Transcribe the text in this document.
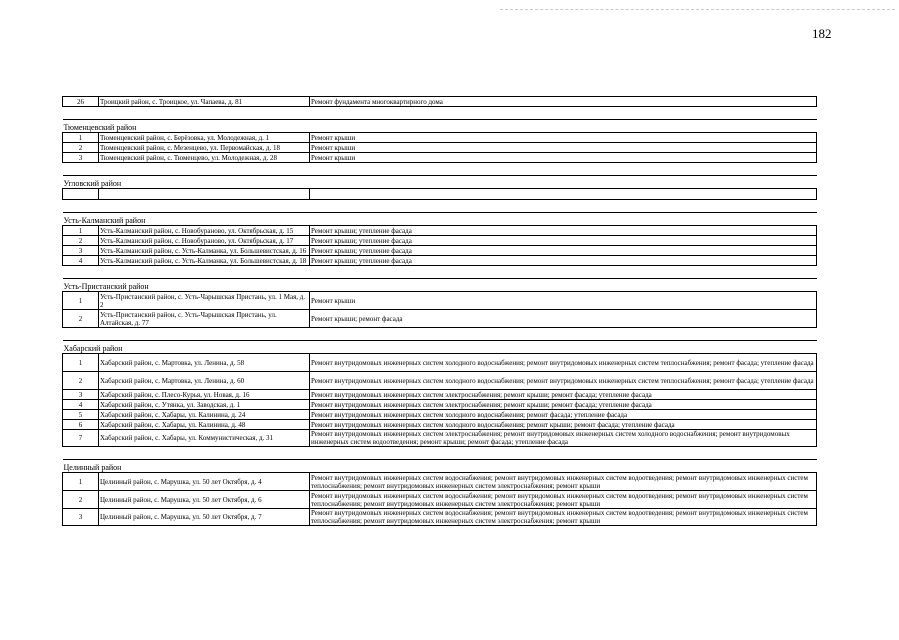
182
26	Троицкий район, с. Троицкое, ул. Чапаева, д. 81	Ремонт фундамента многоквартирного дома

Тюменцевский район		
1	Тюменцевский район, с. Берёзовка, ул. Молодежная, д. 1	Ремонт крыши
2	Тюменцевский район, с. Мезенцево, ул. Первомайская, д. 18	Ремонт крыши
3	Тюменцевский район, с. Тюменцево, ул. Молодежная, д. 28	Ремонт крыши

Угловский район		

Усть-Калманский район		
1	Усть-Калманский район, с. Новобураново, ул. Октябрьская, д. 15	Ремонт крыши; утепление фасада
2	Усть-Калманский район, с. Новобураново, ул. Октябрьская, д. 17	Ремонт крыши; утепление фасада
3	Усть-Калманский район, с. Усть-Калманка, ул. Большевистская, д. 16	Ремонт крыши; утепление фасада
4	Усть-Калманский район, с. Усть-Калманка, ул. Большевистская, д. 18	Ремонт крыши; утепление фасада

Усть-Пристанский район		
1	Усть-Пристанский район, с. Усть-Чарышская Пристань, ул. 1 Мая, д. 2	Ремонт крыши
2	Усть-Пристанский район, с. Усть-Чарышская Пристань, ул. Алтайская, д. 77	Ремонт крыши; ремонт фасада

Хабарский район		
1	Хабарский район, с. Мартовка, ул. Ленина, д. 58	Ремонт внутридомовых инженерных систем холодного водоснабжения; ремонт внутридомовых инженерных систем теплоснабжения; ремонт фасада; утепление фасада
2	Хабарский район, с. Мартовка, ул. Ленина, д. 60	Ремонт внутридомовых инженерных систем холодного водоснабжения; ремонт внутридомовых инженерных систем теплоснабжения; ремонт фасада; утепление фасада
3	Хабарский район, с. Плесо-Курья, ул. Новая, д. 16	Ремонт внутридомовых инженерных систем электроснабжения; ремонт крыши; ремонт фасада; утепление фасада
4	Хабарский район, с. Утянка, ул. Заводская, д. 1	Ремонт внутридомовых инженерных систем электроснабжения; ремонт крыши; ремонт фасада; утепление фасада
5	Хабарский район, с. Хабары, ул. Калинина, д. 24	Ремонт внутридомовых инженерных систем холодного водоснабжения; ремонт фасада; утепление фасада
6	Хабарский район, с. Хабары, ул. Калинина, д. 48	Ремонт внутридомовых инженерных систем холодного водоснабжения; ремонт крыши; ремонт фасада; утепление фасада
7	Хабарский район, с. Хабары, ул. Коммунистическая, д. 31	Ремонт внутридомовых инженерных систем электроснабжения; ремонт внутридомовых инженерных систем холодного водоснабжения; ремонт внутридомовых инженерных систем водоотведения; ремонт крыши; ремонт фасада; утепление фасада

Целинный район		
1	Целинный район, с. Марушка, ул. 50 лет Октября, д. 4	Ремонт внутридомовых инженерных систем водоснабжения; ремонт внутридомовых инженерных систем водоотведения; ремонт внутридомовых инженерных систем теплоснабжения; ремонт внутридомовых инженерных систем электроснабжения; ремонт крыши
2	Целинный район, с. Марушка, ул. 50 лет Октября, д. 6	Ремонт внутридомовых инженерных систем водоснабжения; ремонт внутридомовых инженерных систем водоотведения; ремонт внутридомовых инженерных систем теплоснабжения; ремонт внутридомовых инженерных систем электроснабжения; ремонт крыши
3	Целинный район, с. Марушка, ул. 50 лет Октября, д. 7	Ремонт внутридомовых инженерных систем водоснабжения; ремонт внутридомовых инженерных систем водоотведения; ремонт внутридомовых инженерных систем теплоснабжения; ремонт внутридомовых инженерных систем электроснабжения; ремонт крыши
